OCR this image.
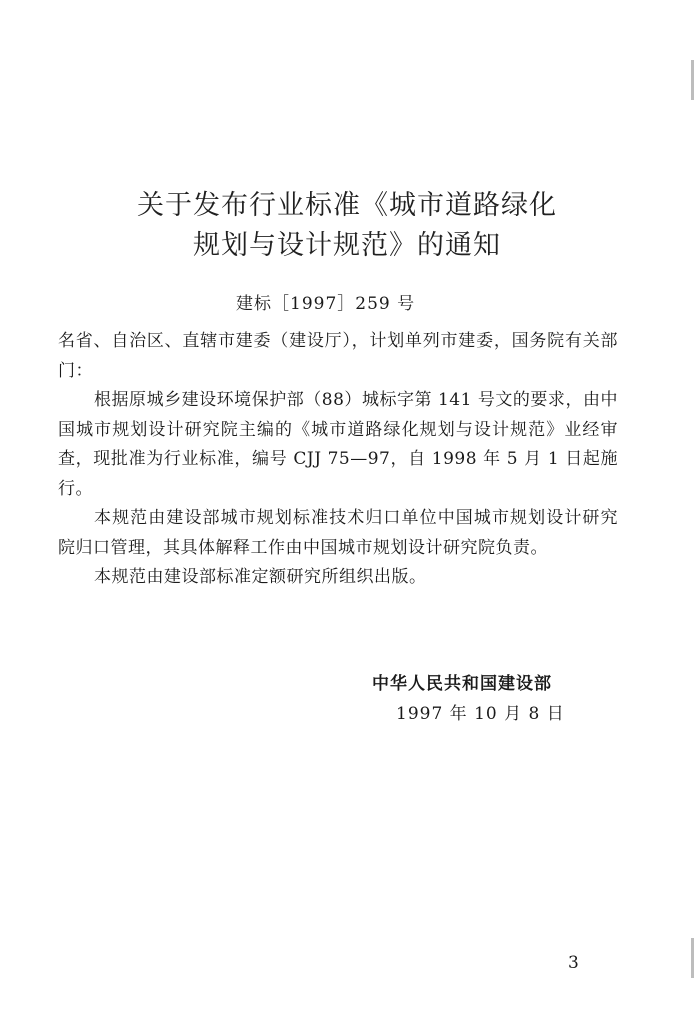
关于发布行业标准《城市道路绿化
规划与设计规范》的通知
建标［1997］259 号

名省、自治区、直辖市建委（建设厅），计划单列市建委，国务院有关部门：

根据原城乡建设环境保护部（88）城标字第 141 号文的要求，由中国城市规划设计研究院主编的《城市道路绿化规划与设计规范》业经审查，现批准为行业标准，编号 CJJ 75—97，自 1998 年 5 月 1 日起施行。

本规范由建设部城市规划标准技术归口单位中国城市规划设计研究院归口管理，其具体解释工作由中国城市规划设计研究院负责。

本规范由建设部标准定额研究所组织出版。

中华人民共和国建设部
1997 年 10 月 8 日
3
